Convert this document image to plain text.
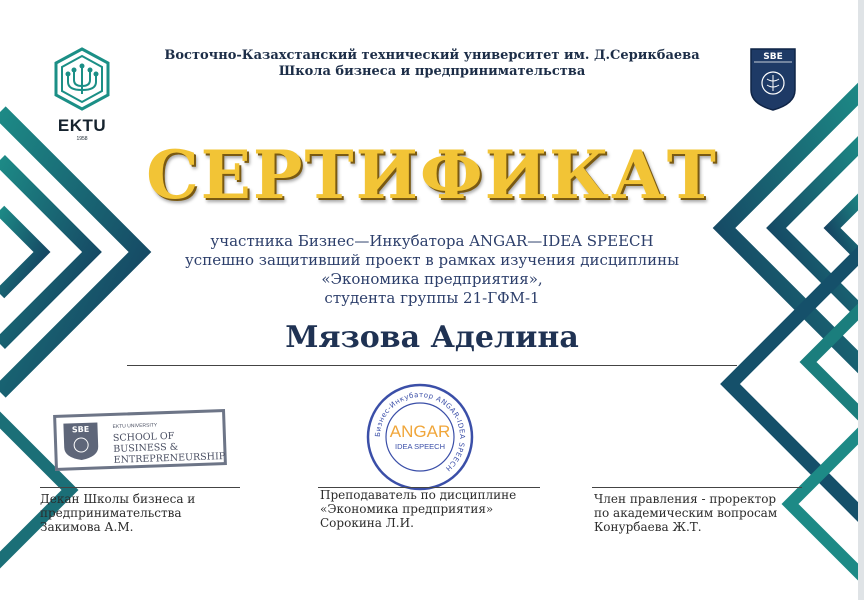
EKTU
1958
SBE
Восточно-Казахстанский технический университет им. Д.Серикбаева
Школа бизнеса и предпринимательства
СЕРТИФИКАТ
участника Бизнес—Инкубатора ANGAR—IDEA SPEECH
успешно защитивший проект в рамках изучения дисциплины
«Экономика предприятия»,
студента группы 21-ГФМ-1
Мязова Аделина
SBE	EKTU UNIVERSITY
SCHOOL OF
BUSINESS &
ENTREPRENEURSHIP
Бизнес-Инкубатор ANGAR-IDEA SPEECH
ANGAR
IDEA SPEECH
Декан Школы бизнеса и
предпринимательства
Закимова А.М.
Преподаватель по дисциплине
«Экономика предприятия»
Сорокина Л.И.
Член правления - проректор
по академическим вопросам
Конурбаева Ж.Т.
